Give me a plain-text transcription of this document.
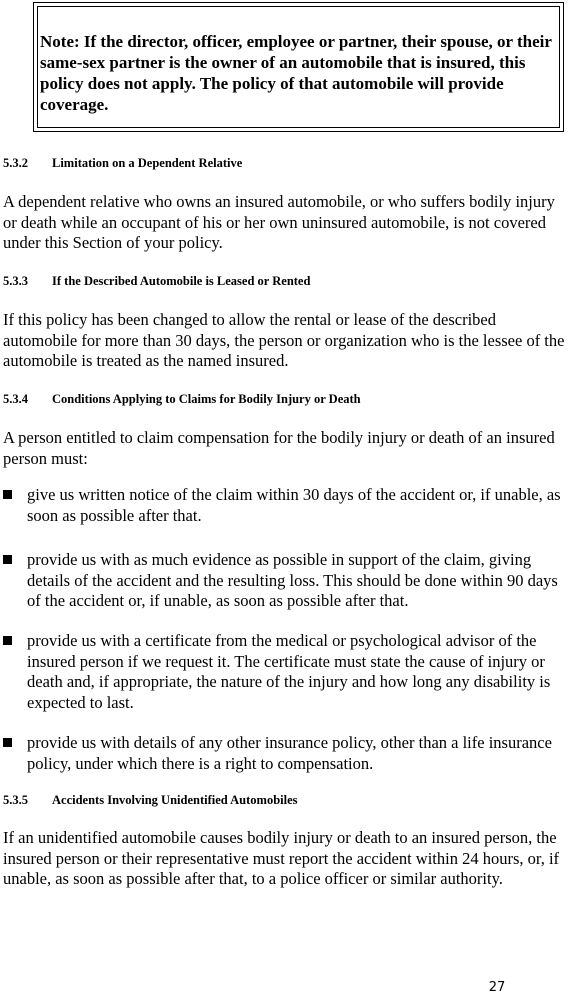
Note: If the director, officer, employee or partner, their spouse, or their same-sex partner is the owner of an automobile that is insured, this policy does not apply. The policy of that automobile will provide coverage.
5.3.2 Limitation on a Dependent Relative
A dependent relative who owns an insured automobile, or who suffers bodily injury or death while an occupant of his or her own uninsured automobile, is not covered under this Section of your policy.
5.3.3 If the Described Automobile is Leased or Rented
If this policy has been changed to allow the rental or lease of the described automobile for more than 30 days, the person or organization who is the lessee of the automobile is treated as the named insured.
5.3.4 Conditions Applying to Claims for Bodily Injury or Death
A person entitled to claim compensation for the bodily injury or death of an insured person must:
give us written notice of the claim within 30 days of the accident or, if unable, as soon as possible after that.
provide us with as much evidence as possible in support of the claim, giving details of the accident and the resulting loss. This should be done within 90 days of the accident or, if unable, as soon as possible after that.
provide us with a certificate from the medical or psychological advisor of the insured person if we request it. The certificate must state the cause of injury or death and, if appropriate, the nature of the injury and how long any disability is expected to last.
provide us with details of any other insurance policy, other than a life insurance policy, under which there is a right to compensation.
5.3.5 Accidents Involving Unidentified Automobiles
If an unidentified automobile causes bodily injury or death to an insured person, the insured person or their representative must report the accident within 24 hours, or, if unable, as soon as possible after that, to a police officer or similar authority.
27
